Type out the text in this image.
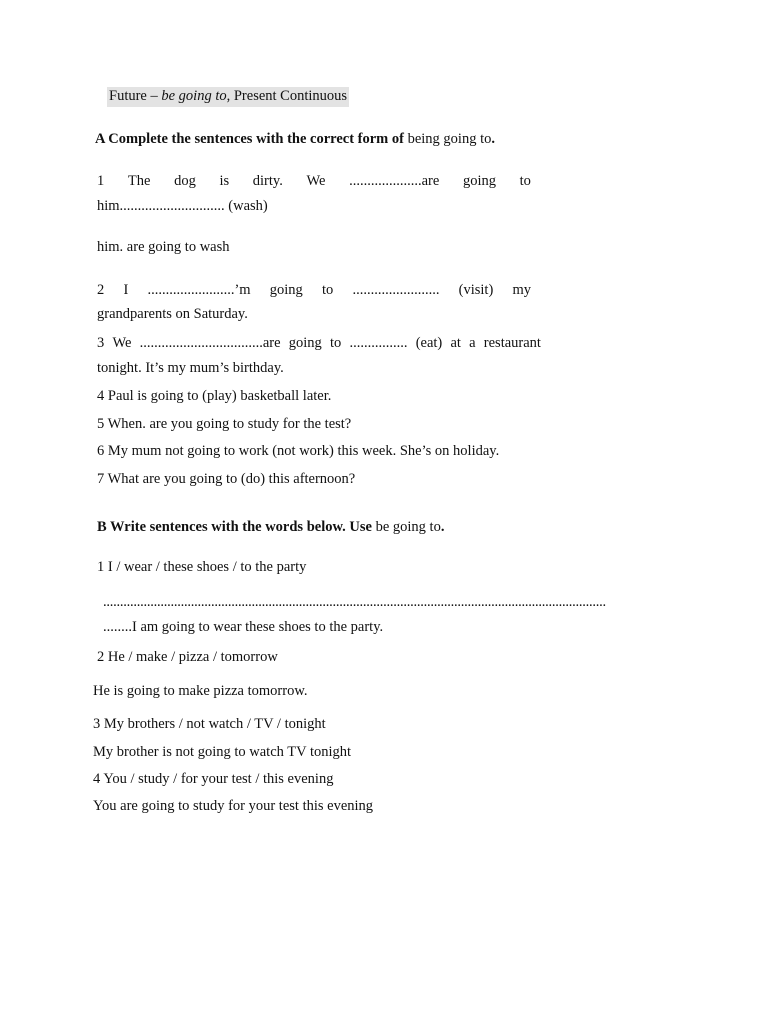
Future – be going to, Present Continuous
A Complete the sentences with the correct form of being going to.
1 The dog is dirty. We ....................are going to
him............................. (wash)
him. are going to wash
2 I ........................’m going to ........................ (visit) my
grandparents on Saturday.
3 We ..................................are going to ................ (eat) at a restaurant
tonight. It’s my mum’s birthday.
4 Paul is going to (play) basketball later.
5 When. are you going to study for the test?
6 My mum not going to work (not work) this week. She’s on holiday.
7 What are you going to (do) this afternoon?
B Write sentences with the words below. Use be going to.
1 I / wear / these shoes / to the party
.....................................................................................................................................................
........I am going to wear these shoes to the party.
2 He / make / pizza / tomorrow
He is going to make pizza tomorrow.
3 My brothers / not watch / TV / tonight
My brother is not going to watch TV tonight
4 You / study / for your test / this evening
You are going to study for your test this evening
